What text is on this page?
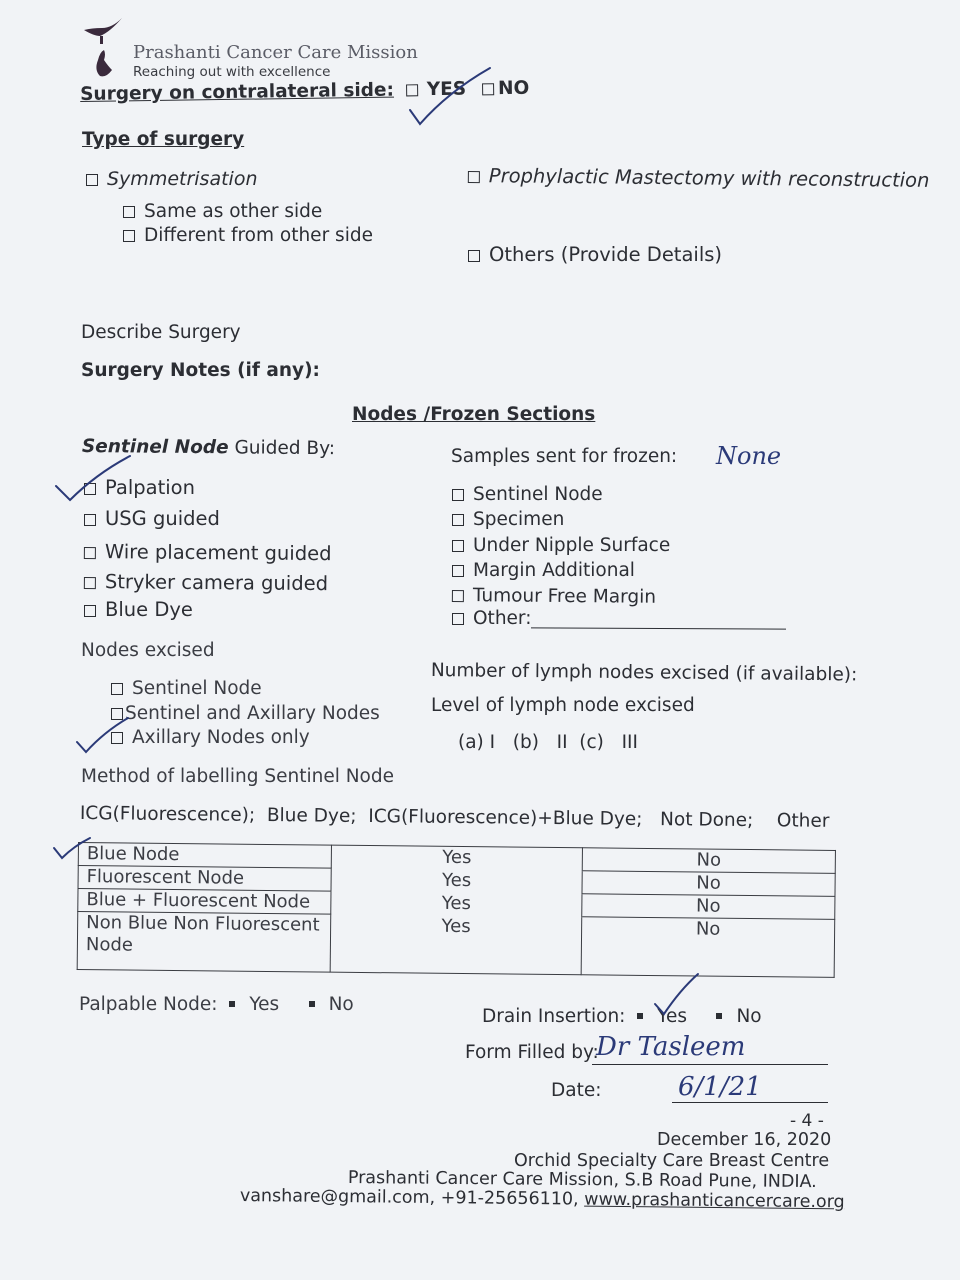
Prashanti Cancer Care Mission
Reaching out with excellence
Surgery on contralateral side: YES NO
Type of surgery
Symmetrisation
Same as other side
Different from other side
Prophylactic Mastectomy with reconstruction
Others (Provide Details)
Describe Surgery
Surgery Notes (if any):
Nodes /Frozen Sections
Sentinel Node Guided By:
Palpation
USG guided
Wire placement guided
Stryker camera guided
Blue Dye
Samples sent for frozen: None
Sentinel Node
Specimen
Under Nipple Surface
Margin Additional
Tumour Free Margin
Other:
Nodes excised
Sentinel Node
Sentinel and Axillary Nodes
Axillary Nodes only
Number of lymph nodes excised (if available):
Level of lymph node excised
(a) I (b) II (c) III
Method of labelling Sentinel Node
ICG(Fluorescence); Blue Dye; ICG(Fluorescence)+Blue Dye; Not Done; Other
Blue Node	Yes	No
Fluorescent Node	Yes	No
Blue + Fluorescent Node	Yes	No
Non Blue Non Fluorescent
Node	Yes	No
Palpable Node: Yes	No
Drain Insertion: Yes	No
Form Filled by:
Dr Tasleem
Date:	6/1/21
- 4 -
December 16, 2020
Orchid Specialty Care Breast Centre
Prashanti Cancer Care Mission, S.B Road Pune, INDIA.
vanshare@gmail.com, +91-25656110, www.prashanticancercare.org
